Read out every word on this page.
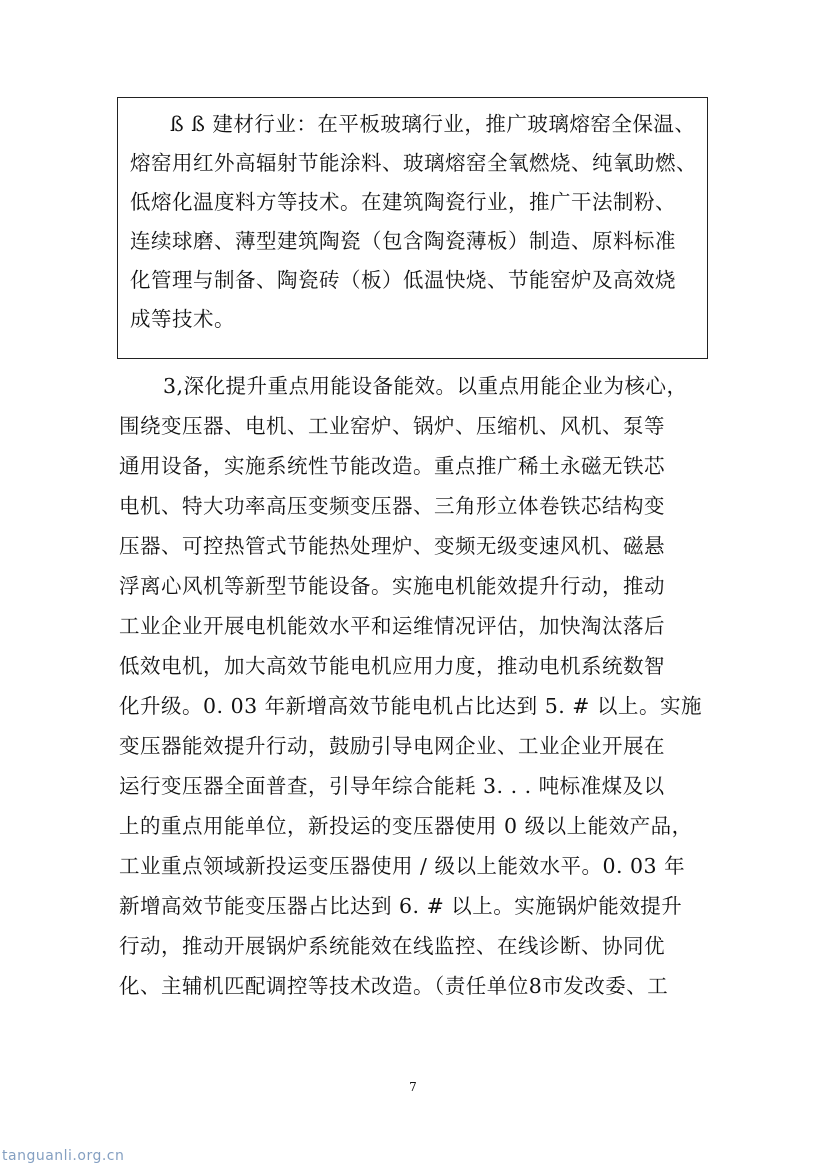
ß ß 建材行业：在平板玻璃行业，推广玻璃熔窑全保温、
熔窑用红外高辐射节能涂料、玻璃熔窑全氧燃烧、纯氧助燃、
低熔化温度料方等技术。在建筑陶瓷行业，推广干法制粉、
连续球磨、薄型建筑陶瓷（包含陶瓷薄板）制造、原料标准
化管理与制备、陶瓷砖（板）低温快烧、节能窑炉及高效烧
成等技术。
3,深化提升重点用能设备能效。以重点用能企业为核心，
围绕变压器、电机、工业窑炉、锅炉、压缩机、风机、泵等
通用设备，实施系统性节能改造。重点推广稀土永磁无铁芯
电机、特大功率高压变频变压器、三角形立体卷铁芯结构变
压器、可控热管式节能热处理炉、变频无级变速风机、磁悬
浮离心风机等新型节能设备。实施电机能效提升行动，推动
工业企业开展电机能效水平和运维情况评估，加快淘汰落后
低效电机，加大高效节能电机应用力度，推动电机系统数智
化升级。0. 03 年新增高效节能电机占比达到 5. # 以上。实施
变压器能效提升行动，鼓励引导电网企业、工业企业开展在
运行变压器全面普查，引导年综合能耗 3. . . 吨标准煤及以
上的重点用能单位，新投运的变压器使用 0 级以上能效产品，
工业重点领域新投运变压器使用 / 级以上能效水平。0. 03 年
新增高效节能变压器占比达到 6. # 以上。实施锅炉能效提升
行动，推动开展锅炉系统能效在线监控、在线诊断、协同优
化、主辅机匹配调控等技术改造。（责任单位8市发改委、工
7
tanguanli.org.cn
